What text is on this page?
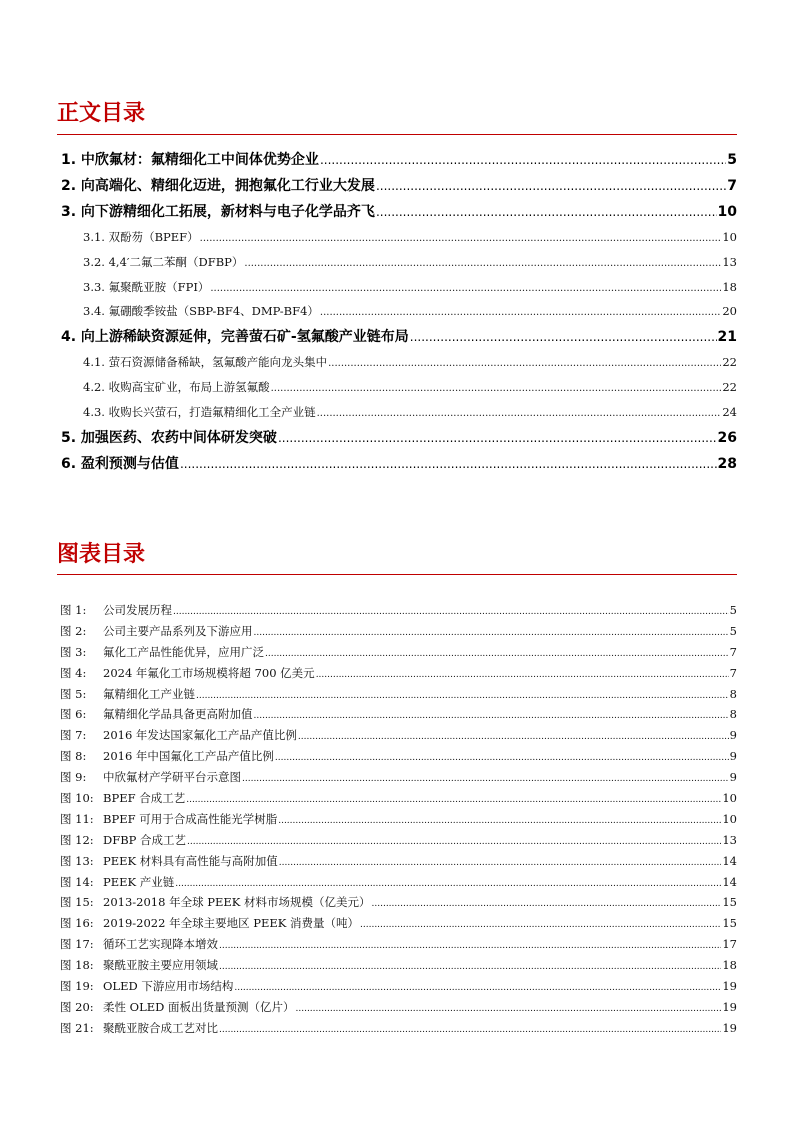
正文目录
1. 中欣氟材：氟精细化工中间体优势企业 .....	5
2. 向高端化、精细化迈进，拥抱氟化工行业大发展 .....	7
3. 向下游精细化工拓展，新材料与电子化学品齐飞 .....	10
3.1. 双酚芴（BPEF） .....	10
3.2. 4,4′二氟二苯酮（DFBP） .....	13
3.3. 氟聚酰亚胺（FPI） .....	18
3.4. 氟硼酸季铵盐（SBP-BF4、DMP-BF4） .....	20
4. 向上游稀缺资源延伸，完善萤石矿-氢氟酸产业链布局 .....	21
4.1. 萤石资源储备稀缺，氢氟酸产能向龙头集中 .....	22
4.2. 收购高宝矿业，布局上游氢氟酸 .....	22
4.3. 收购长兴萤石，打造氟精细化工全产业链 .....	24
5. 加强医药、农药中间体研发突破 .....	26
6. 盈利预测与估值 .....	28
图表目录
图 1: 公司发展历程 .....	5
图 2: 公司主要产品系列及下游应用 .....	5
图 3: 氟化工产品性能优异，应用广泛 .....	7
图 4: 2024 年氟化工市场规模将超 700 亿美元 .....	7
图 5: 氟精细化工产业链 .....	8
图 6: 氟精细化学品具备更高附加值 .....	8
图 7: 2016 年发达国家氟化工产品产值比例 .....	9
图 8: 2016 年中国氟化工产品产值比例 .....	9
图 9: 中欣氟材产学研平台示意图 .....	9
图 10: BPEF 合成工艺 .....	10
图 11: BPEF 可用于合成高性能光学树脂 .....	10
图 12: DFBP 合成工艺 .....	13
图 13: PEEK 材料具有高性能与高附加值 .....	14
图 14: PEEK 产业链 .....	14
图 15: 2013-2018 年全球 PEEK 材料市场规模（亿美元） .....	15
图 16: 2019-2022 年全球主要地区 PEEK 消费量（吨） .....	15
图 17: 循环工艺实现降本增效 .....	17
图 18: 聚酰亚胺主要应用领域 .....	18
图 19: OLED 下游应用市场结构 .....	19
图 20: 柔性 OLED 面板出货量预测（亿片） .....	19
图 21: 聚酰亚胺合成工艺对比 .....	19
